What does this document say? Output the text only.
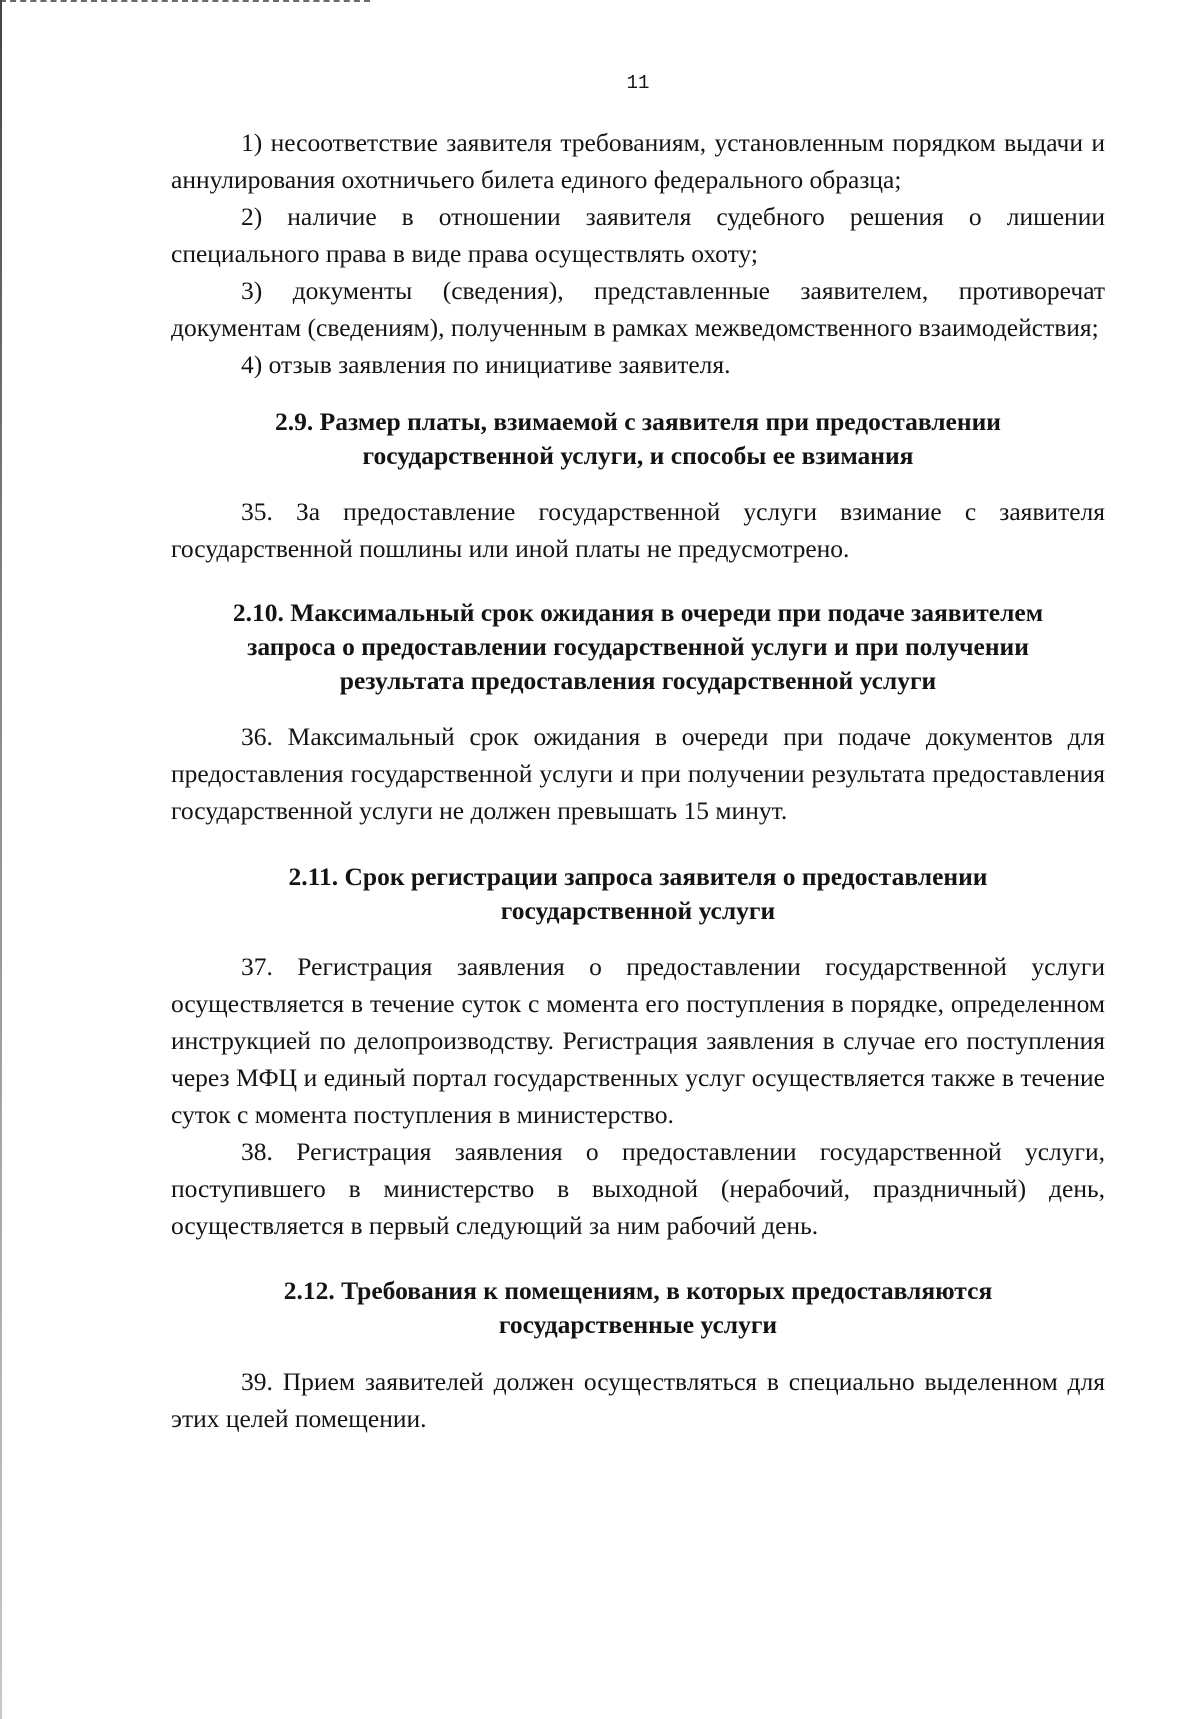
11

1) несоответствие заявителя требованиям, установленным порядком выдачи и аннулирования охотничьего билета единого федерального образца;

2) наличие в отношении заявителя судебного решения о лишении специального права в виде права осуществлять охоту;

3) документы (сведения), представленные заявителем, противоречат документам (сведениям), полученным в рамках межведомственного взаимодействия;

4) отзыв заявления по инициативе заявителя.

2.9. Размер платы, взимаемой с заявителя при предоставлении
государственной услуги, и способы ее взимания

35. За предоставление государственной услуги взимание с заявителя государственной пошлины или иной платы не предусмотрено.

2.10. Максимальный срок ожидания в очереди при подаче заявителем
запроса о предоставлении государственной услуги и при получении
результата предоставления государственной услуги

36. Максимальный срок ожидания в очереди при подаче документов для предоставления государственной услуги и при получении результата предоставления государственной услуги не должен превышать 15 минут.

2.11. Срок регистрации запроса заявителя о предоставлении
государственной услуги

37. Регистрация заявления о предоставлении государственной услуги осуществляется в течение суток с момента его поступления в порядке, определенном инструкцией по делопроизводству. Регистрация заявления в случае его поступления через МФЦ и единый портал государственных услуг осуществляется также в течение суток с момента поступления в министерство.

38. Регистрация заявления о предоставлении государственной услуги, поступившего в министерство в выходной (нерабочий, праздничный) день, осуществляется в первый следующий за ним рабочий день.

2.12. Требования к помещениям, в которых предоставляются
государственные услуги

39. Прием заявителей должен осуществляться в специально выделенном для этих целей помещении.
